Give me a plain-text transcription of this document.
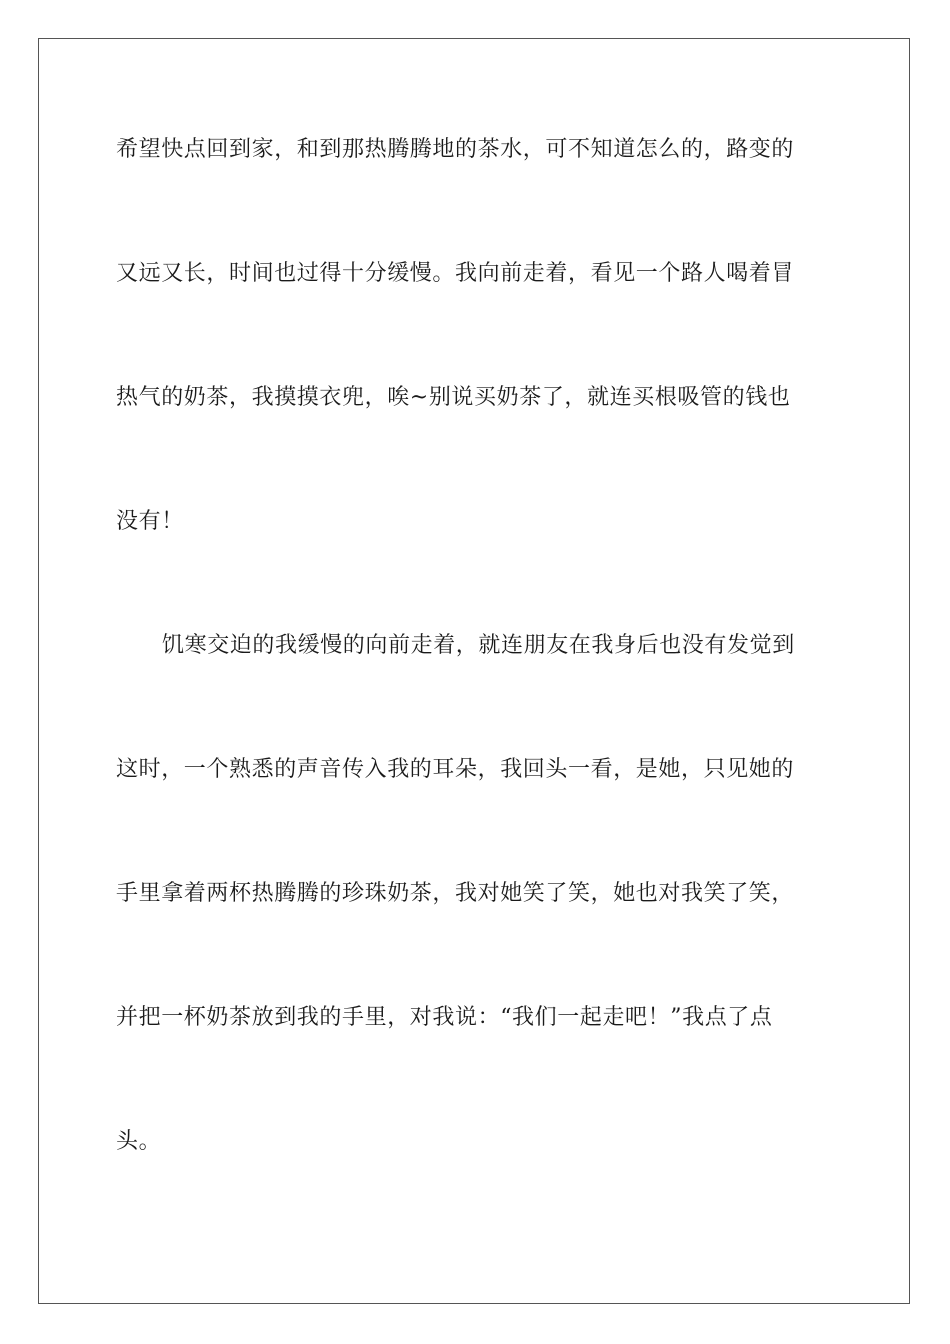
希望快点回到家，和到那热腾腾地的茶水，可不知道怎么的，路变的
又远又长，时间也过得十分缓慢。我向前走着，看见一个路人喝着冒
热气的奶茶，我摸摸衣兜，唉~别说买奶茶了，就连买根吸管的钱也
没有！
饥寒交迫的我缓慢的向前走着，就连朋友在我身后也没有发觉到
这时，一个熟悉的声音传入我的耳朵，我回头一看，是她，只见她的
手里拿着两杯热腾腾的珍珠奶茶，我对她笑了笑，她也对我笑了笑，
并把一杯奶茶放到我的手里，对我说：“我们一起走吧！”我点了点
头。
